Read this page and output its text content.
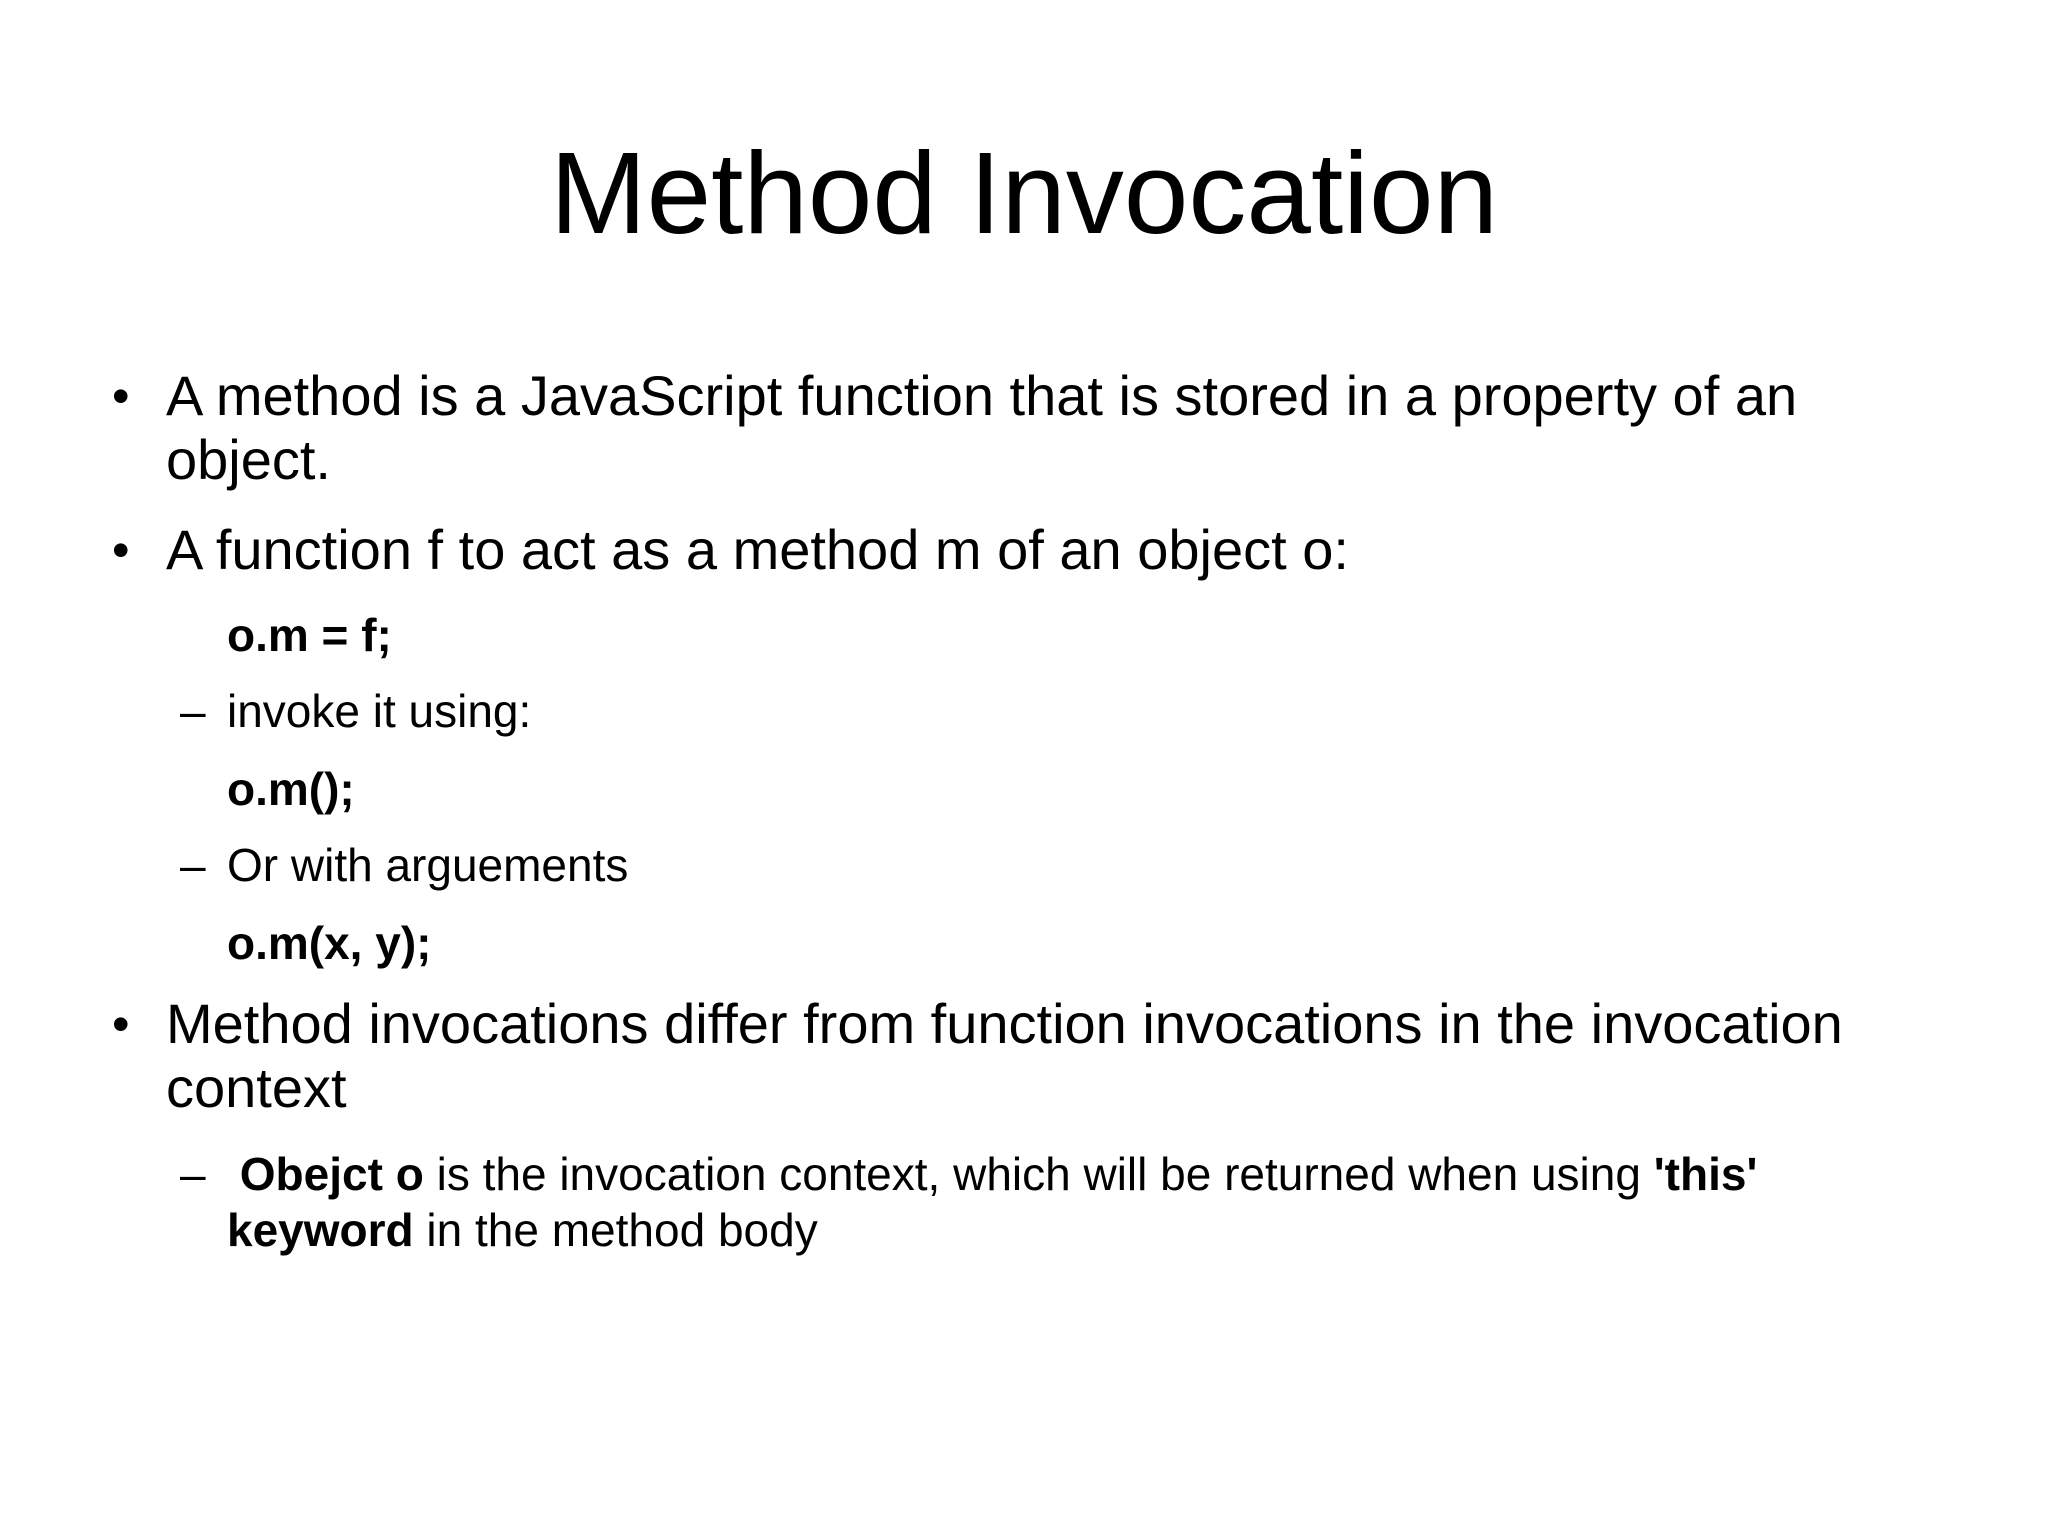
Method Invocation
• A method is a JavaScript function that is stored in a property of an object.
• A function f to act as a method m of an object o:
o.m = f;
– invoke it using:
o.m();
– Or with arguements
o.m(x, y);
• Method invocations differ from function invocations in the invocation context
– Obejct o is the invocation context, which will be returned when using 'this' keyword in the method body
